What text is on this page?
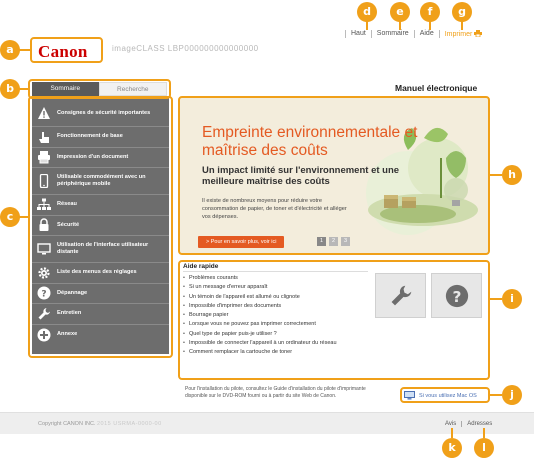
Canon	imageCLASS LBP000000000000000
Haut	Sommaire	Aide	Imprimer
Sommaire	Recherche	Manuel électronique
Consignes de sécurité importantes
Fonctionnement de base
Impression d'un document
Utilisable commodément avec un périphérique mobile
Réseau
Sécurité
Utilisation de l'interface utilisateur distante
Liste des menus des réglages
? Dépannage
Entretien
Annexe
Empreinte environnementale et maîtrise des coûts
Un impact limité sur l'environnement et une meilleure maîtrise des coûts

Il existe de nombreux moyens pour réduire votre consommation de papier, de toner et d'électricité et alléger vos dépenses.

> Pour en savoir plus, voir ici	1	2	3
Aide rapide
• Problèmes courants
• Si un message d'erreur apparaît
• Un témoin de l'appareil est allumé ou clignote
• Impossible d'imprimer des documents
• Bourrage papier
• Lorsque vous ne pouvez pas imprimer correctement
• Quel type de papier puis-je utiliser ?
• Impossible de connecter l'appareil à un ordinateur du réseau
• Comment remplacer la cartouche de toner
?
Pour l'installation du pilote, consultez le Guide d'installation du pilote d'imprimante disponible sur le DVD-ROM fourni ou à partir du site Web de Canon.	Si vous utilisez Mac OS
Copyright CANON INC. 2015 USRMA-0000-00	Avis	Adresses
a
b
c
d	e	f	g
h
i
j
k	l
